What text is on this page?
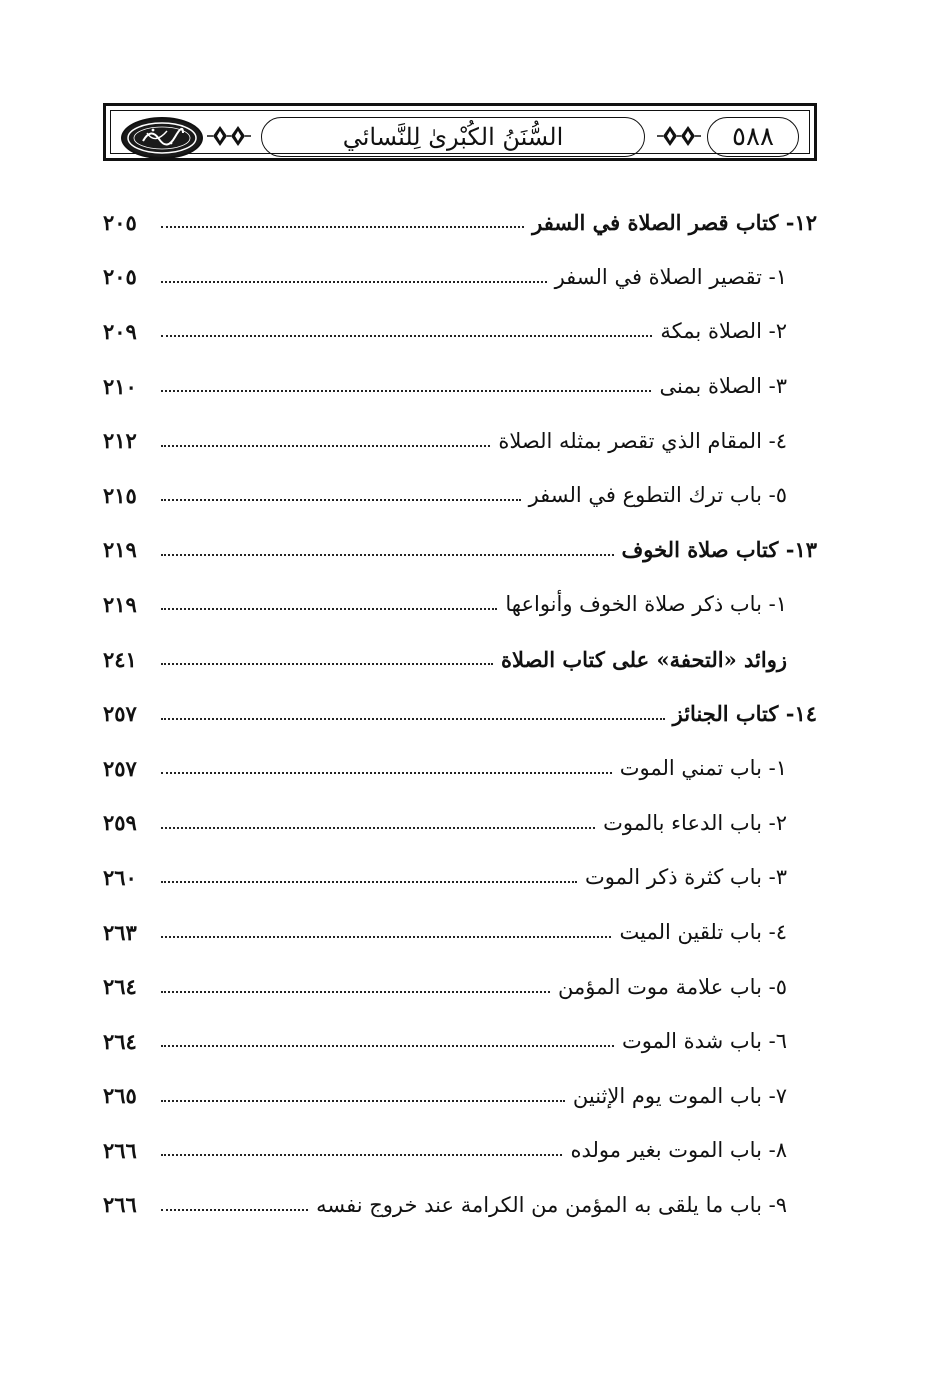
السُّنَنُ الكُبْرىٰ لِلنَّسائي	٥٨٨
١٢- كتاب قصر الصلاة في السفر
٢٠٥
١- تقصير الصلاة في السفر
٢٠٥
٢- الصلاة بمكة
٢٠٩
٣- الصلاة بمنى
٢١٠
٤- المقام الذي تقصر بمثله الصلاة
٢١٢
٥- باب ترك التطوع في السفر
٢١٥
١٣- كتاب صلاة الخوف
٢١٩
١- باب ذكر صلاة الخوف وأنواعها
٢١٩
زوائد «التحفة» على كتاب الصلاة
٢٤١
١٤- كتاب الجنائز
٢٥٧
١- باب تمني الموت
٢٥٧
٢- باب الدعاء بالموت
٢٥٩
٣- باب كثرة ذكر الموت
٢٦٠
٤- باب تلقين الميت
٢٦٣
٥- باب علامة موت المؤمن
٢٦٤
٦- باب شدة الموت
٢٦٤
٧- باب الموت يوم الإثنين
٢٦٥
٨- باب الموت بغير مولده
٢٦٦
٩- باب ما يلقى به المؤمن من الكرامة عند خروج نفسه
٢٦٦
